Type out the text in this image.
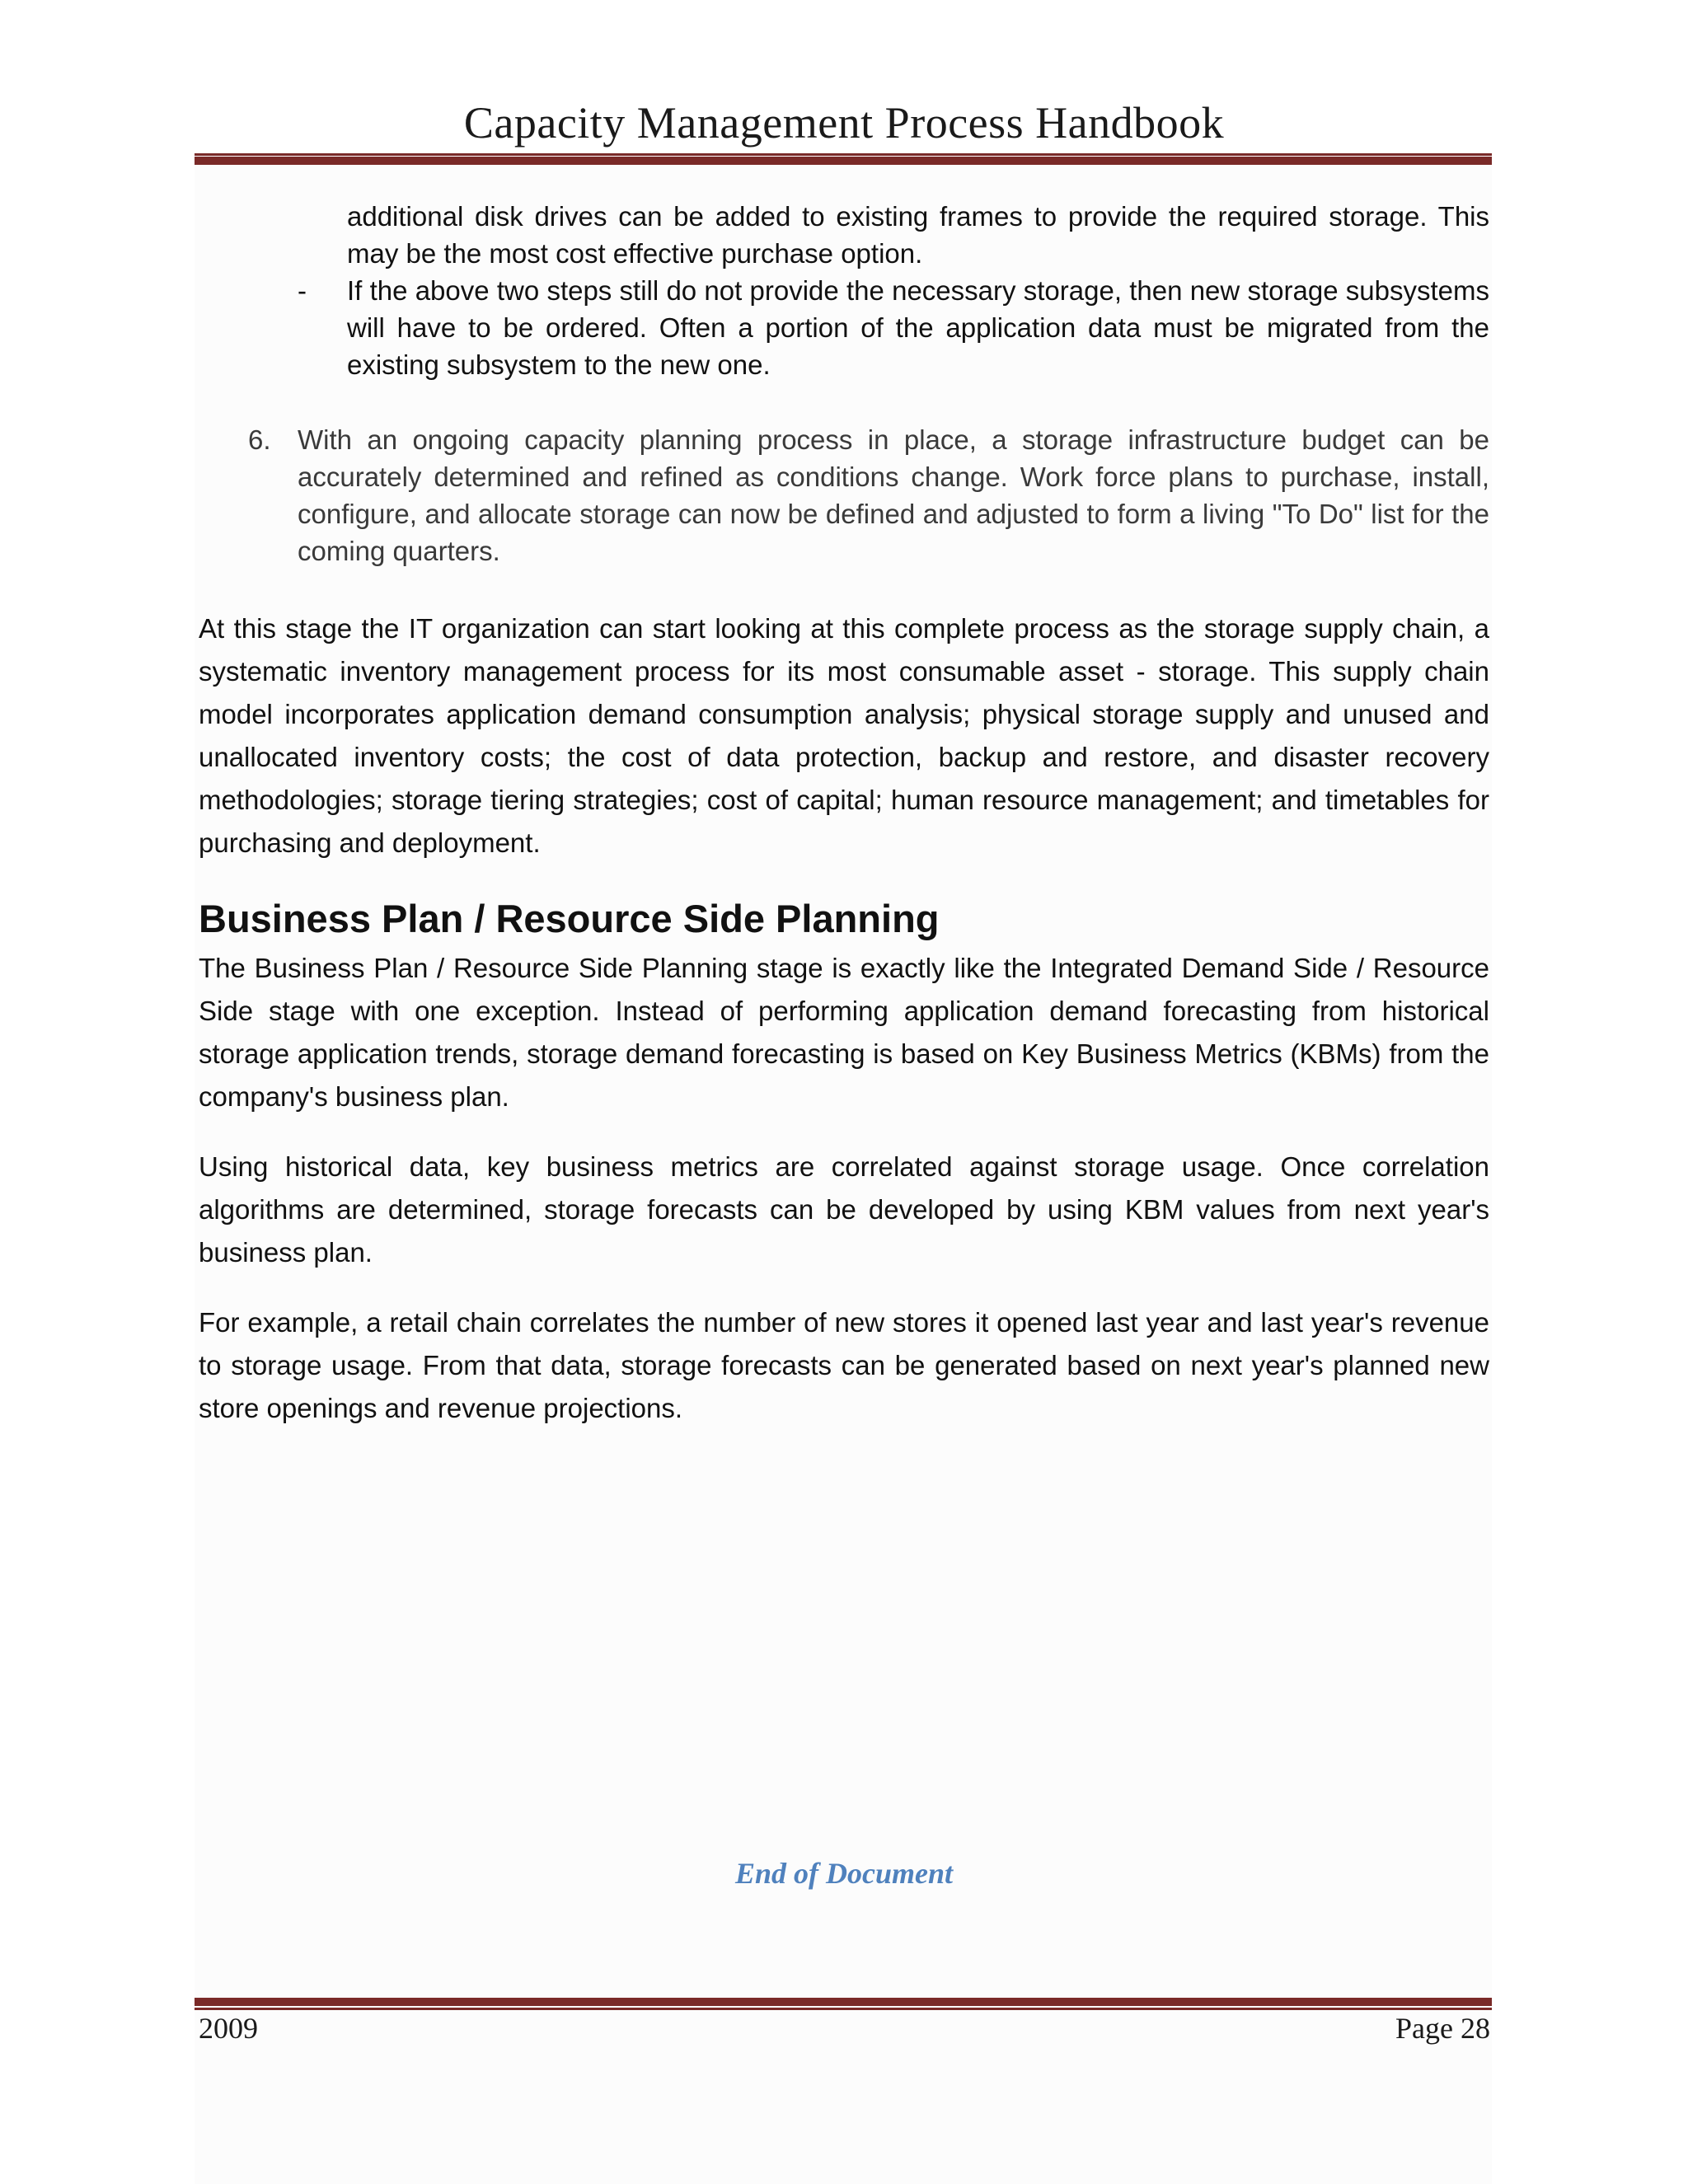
Capacity Management Process Handbook
additional disk drives can be added to existing frames to provide the required storage. This may be the most cost effective purchase option.
-	If the above two steps still do not provide the necessary storage, then new storage subsystems will have to be ordered. Often a portion of the application data must be migrated from the existing subsystem to the new one.
6. With an ongoing capacity planning process in place, a storage infrastructure budget can be accurately determined and refined as conditions change. Work force plans to purchase, install, configure, and allocate storage can now be defined and adjusted to form a living "To Do" list for the coming quarters.

At this stage the IT organization can start looking at this complete process as the storage supply chain, a systematic inventory management process for its most consumable asset - storage. This supply chain model incorporates application demand consumption analysis; physical storage supply and unused and unallocated inventory costs; the cost of data protection, backup and restore, and disaster recovery methodologies; storage tiering strategies; cost of capital; human resource management; and timetables for purchasing and deployment.

Business Plan / Resource Side Planning

The Business Plan / Resource Side Planning stage is exactly like the Integrated Demand Side / Resource Side stage with one exception. Instead of performing application demand forecasting from historical storage application trends, storage demand forecasting is based on Key Business Metrics (KBMs) from the company's business plan.

Using historical data, key business metrics are correlated against storage usage. Once correlation algorithms are determined, storage forecasts can be developed by using KBM values from next year's business plan.

For example, a retail chain correlates the number of new stores it opened last year and last year's revenue to storage usage. From that data, storage forecasts can be generated based on next year's planned new store openings and revenue projections.

End of Document
2009	Page 28
